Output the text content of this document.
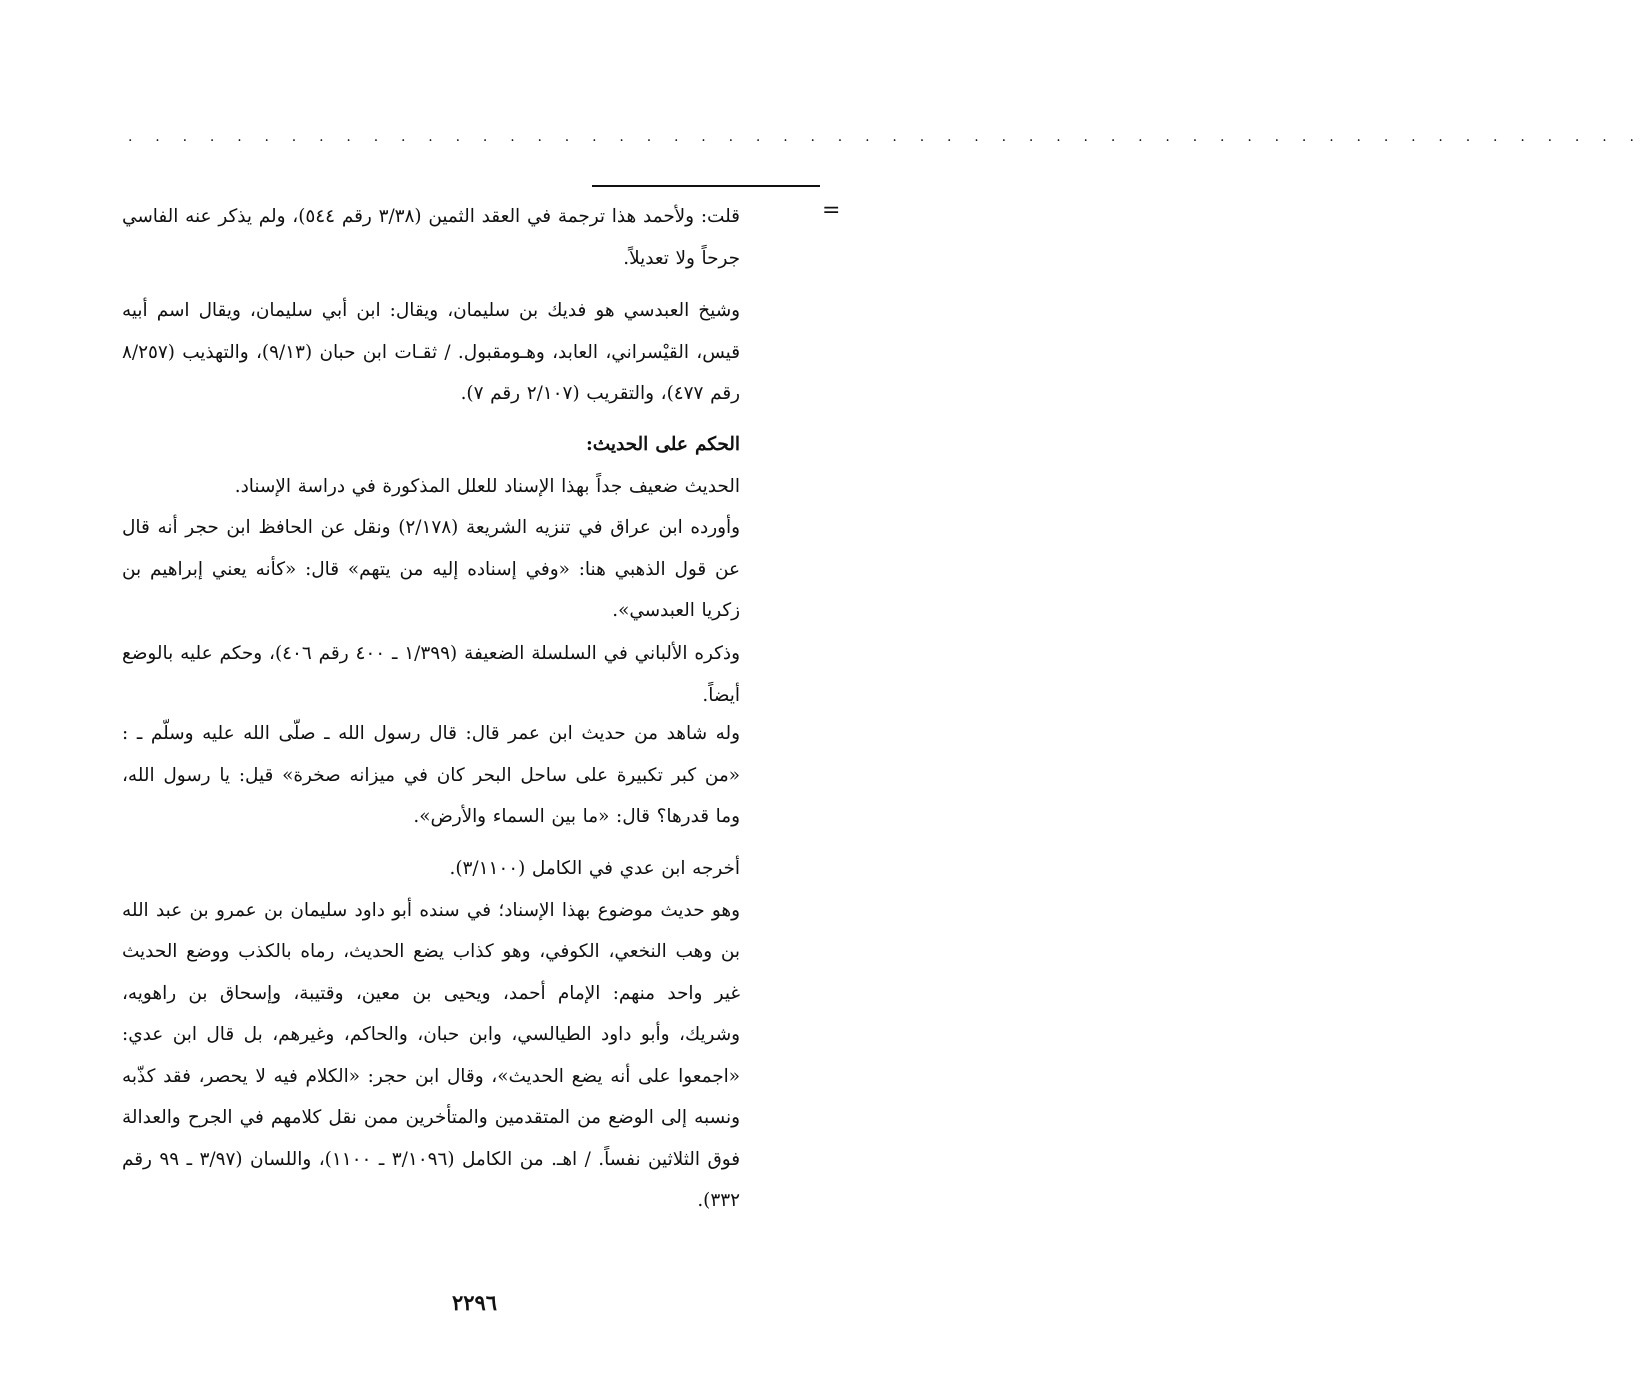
. . . . . . . . . . . . . . . . . . . . . . . . . . . . . . . . . . . . . . . . . . . . . . . . . . . . . . . .
=

قلت: ولأحمد هذا ترجمة في العقد الثمين (٣/٣٨ رقم ٥٤٤)، ولم يذكر عنه الفاسي جرحاً ولا تعديلاً.

وشيخ العبدسي هو فديك بن سليمان، ويقال: ابن أبي سليمان، ويقال اسم أبيه قيس، القيْسراني، العابد، وهـومقبول. / ثقـات ابن حبان (٩/١٣)، والتهذيب (٨/٢٥٧ رقم ٤٧٧)، والتقريب (٢/١٠٧ رقم ٧).

الحكم على الحديث:

الحديث ضعيف جداً بهذا الإسناد للعلل المذكورة في دراسة الإسناد.

وأورده ابن عراق في تنزيه الشريعة (٢/١٧٨) ونقل عن الحافظ ابن حجر أنه قال عن قول الذهبي هنا: «وفي إسناده إليه من يتهم» قال: «كأنه يعني إبراهيم بن زكريا العبدسي».

وذكره الألباني في السلسلة الضعيفة (١/٣٩٩ ـ ٤٠٠ رقم ٤٠٦)، وحكم عليه بالوضع أيضاً.

وله شاهد من حديث ابن عمر قال: قال رسول الله ـ صلّى الله عليه وسلّم ـ : «من كبر تكبيرة على ساحل البحر كان في ميزانه صخرة» قيل: يا رسول الله، وما قدرها؟ قال: «ما بين السماء والأرض».

أخرجه ابن عدي في الكامل (٣/١١٠٠).

وهو حديث موضوع بهذا الإسناد؛ في سنده أبو داود سليمان بن عمرو بن عبد الله بن وهب النخعي، الكوفي، وهو كذاب يضع الحديث، رماه بالكذب ووضع الحديث غير واحد منهم: الإمام أحمد، ويحيى بن معين، وقتيبة، وإسحاق بن راهويه، وشريك، وأبو داود الطيالسي، وابن حبان، والحاكم، وغيرهم، بل قال ابن عدي: «اجمعوا على أنه يضع الحديث»، وقال ابن حجر: «الكلام فيه لا يحصر، فقد كذّبه ونسبه إلى الوضع من المتقدمين والمتأخرين ممن نقل كلامهم في الجرح والعدالة فوق الثلاثين نفساً. / اهـ. من الكامل (٣/١٠٩٦ ـ ١١٠٠)، واللسان (٣/٩٧ ـ ٩٩ رقم ٣٣٢).

٢٢٩٦
